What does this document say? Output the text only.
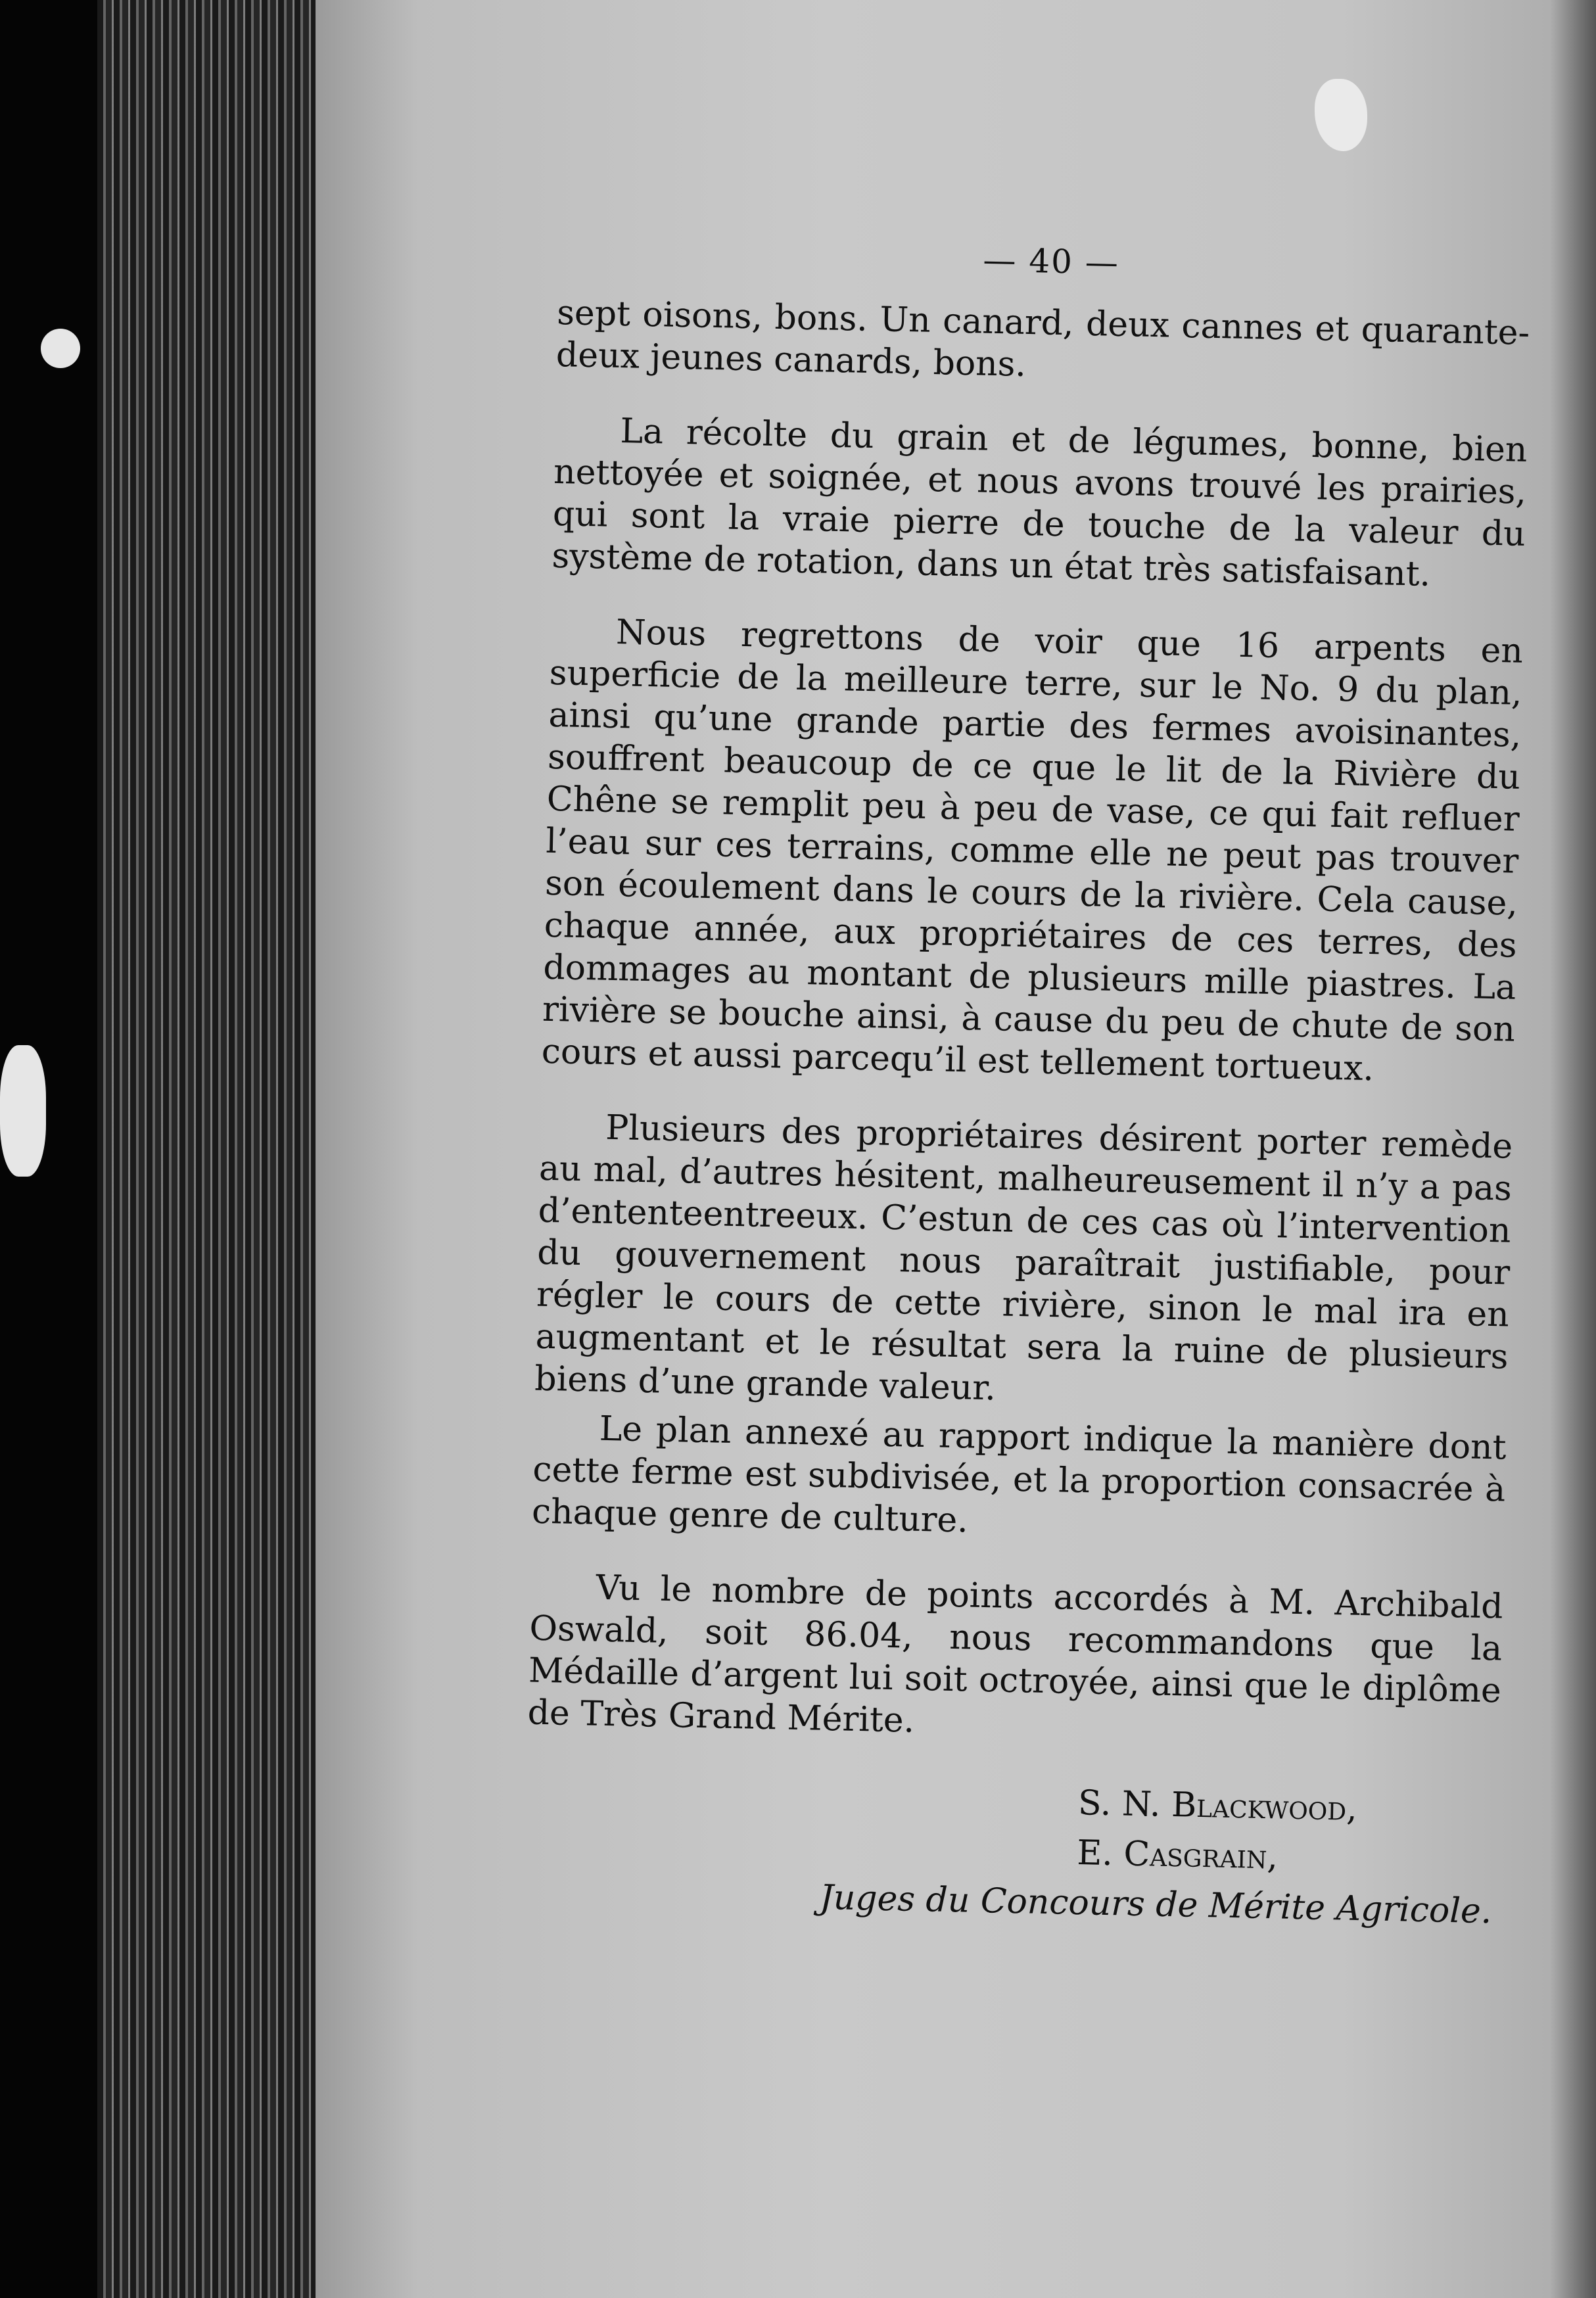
— 40 —

sept oisons, bons. Un canard, deux cannes et quarante-deux jeunes canards, bons.

La récolte du grain et de légumes, bonne, bien nettoyée et soignée, et nous avons trouvé les prairies, qui sont la vraie pierre de touche de la valeur du système de rotation, dans un état très satisfaisant.

Nous regrettons de voir que 16 arpents en superficie de la meilleure terre, sur le No. 9 du plan, ainsi qu’une grande partie des fermes avoisinantes, souffrent beaucoup de ce que le lit de la Rivière du Chêne se remplit peu à peu de vase, ce qui fait refluer l’eau sur ces terrains, comme elle ne peut pas trouver son écoulement dans le cours de la rivière. Cela cause, chaque année, aux propriétaires de ces terres, des dommages au montant de plusieurs mille piastres. La rivière se bouche ainsi, à cause du peu de chute de son cours et aussi parcequ’il est tellement tortueux.

Plusieurs des propriétaires désirent porter remède au mal, d’autres hésitent, malheureusement il n’y a pas d’ententeentreeux. C’estun de ces cas où l’intervention du gouvernement nous paraîtrait justifiable, pour régler le cours de cette rivière, sinon le mal ira en augmentant et le résultat sera la ruine de plusieurs biens d’une grande valeur.

Le plan annexé au rapport indique la manière dont cette ferme est subdivisée, et la proportion consacrée à chaque genre de culture.

Vu le nombre de points accordés à M. Archibald Oswald, soit 86.04, nous recommandons que la Médaille d’argent lui soit octroyée, ainsi que le diplôme de Très Grand Mérite.

S. N. Blackwood,
E. Casgrain,
Juges du Concours de Mérite Agricole.
